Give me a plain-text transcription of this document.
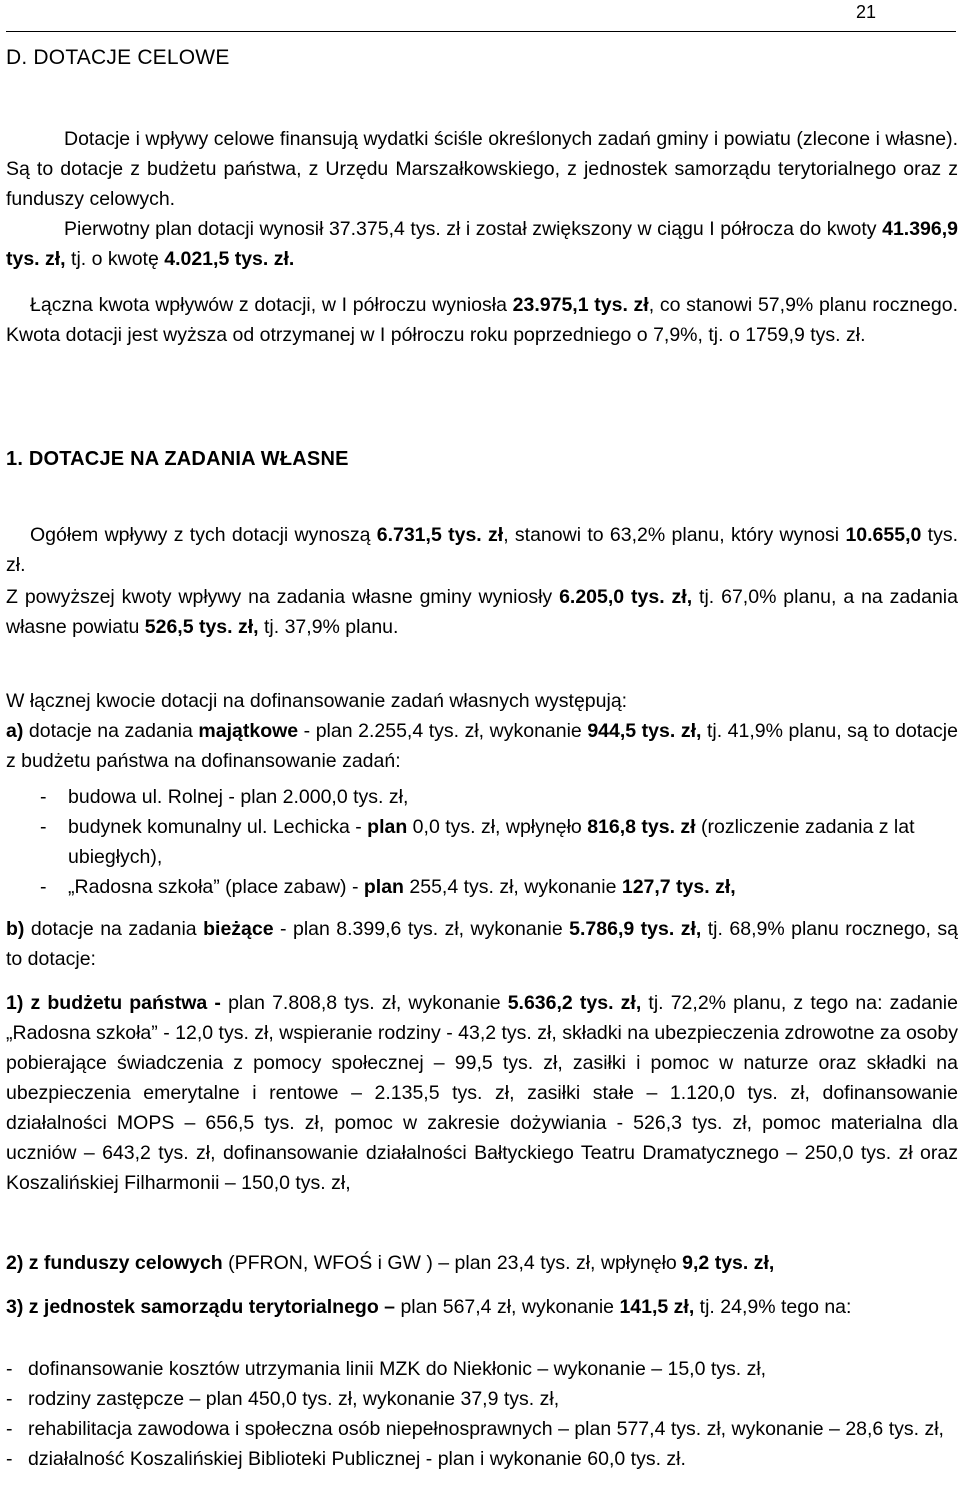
21
D. DOTACJE CELOWE

Dotacje i wpływy celowe finansują wydatki ściśle określonych zadań gminy i powiatu (zlecone i własne). Są to dotacje z budżetu państwa, z Urzędu Marszałkowskiego, z jednostek samorządu terytorialnego oraz z funduszy celowych.

Pierwotny plan dotacji wynosił 37.375,4 tys. zł i został zwiększony w ciągu I półrocza do kwoty 41.396,9 tys. zł, tj. o kwotę 4.021,5 tys. zł.

Łączna kwota wpływów z dotacji, w I półroczu wyniosła 23.975,1 tys. zł, co stanowi 57,9% planu rocznego. Kwota dotacji jest wyższa od otrzymanej w I półroczu roku poprzedniego o 7,9%, tj. o 1759,9 tys. zł.

1. DOTACJE NA ZADANIA WŁASNE

Ogółem wpływy z tych dotacji wynoszą 6.731,5 tys. zł, stanowi to 63,2% planu, który wynosi 10.655,0 tys. zł.

Z powyższej kwoty wpływy na zadania własne gminy wyniosły 6.205,0 tys. zł, tj. 67,0% planu, a na zadania własne powiatu 526,5 tys. zł, tj. 37,9% planu.

W łącznej kwocie dotacji na dofinansowanie zadań własnych występują:

a) dotacje na zadania majątkowe - plan 2.255,4 tys. zł, wykonanie 944,5 tys. zł, tj. 41,9% planu, są to dotacje z budżetu państwa na dofinansowanie zadań:

- budowa ul. Rolnej - plan 2.000,0 tys. zł,
- budynek komunalny ul. Lechicka - plan 0,0 tys. zł, wpłynęło 816,8 tys. zł (rozliczenie zadania z lat ubiegłych),
- „Radosna szkoła” (place zabaw) - plan 255,4 tys. zł, wykonanie 127,7 tys. zł,

b) dotacje na zadania bieżące - plan 8.399,6 tys. zł, wykonanie 5.786,9 tys. zł, tj. 68,9% planu rocznego, są to dotacje:

1) z budżetu państwa - plan 7.808,8 tys. zł, wykonanie 5.636,2 tys. zł, tj. 72,2% planu, z tego na: zadanie „Radosna szkoła” - 12,0 tys. zł, wspieranie rodziny - 43,2 tys. zł, składki na ubezpieczenia zdrowotne za osoby pobierające świadczenia z pomocy społecznej – 99,5 tys. zł, zasiłki i pomoc w naturze oraz składki na ubezpieczenia emerytalne i rentowe – 2.135,5 tys. zł, zasiłki stałe – 1.120,0 tys. zł, dofinansowanie działalności MOPS – 656,5 tys. zł, pomoc w zakresie dożywiania - 526,3 tys. zł, pomoc materialna dla uczniów – 643,2 tys. zł, dofinansowanie działalności Bałtyckiego Teatru Dramatycznego – 250,0 tys. zł oraz Koszalińskiej Filharmonii – 150,0 tys. zł,

2) z funduszy celowych (PFRON, WFOŚ i GW ) – plan 23,4 tys. zł, wpłynęło 9,2 tys. zł,

3) z jednostek samorządu terytorialnego – plan 567,4 zł, wykonanie 141,5 zł, tj. 24,9% tego na:

- dofinansowanie kosztów utrzymania linii MZK do Niekłonic – wykonanie – 15,0 tys. zł,
- rodziny zastępcze – plan 450,0 tys. zł, wykonanie 37,9 tys. zł,
- rehabilitacja zawodowa i społeczna osób niepełnosprawnych – plan 577,4 tys. zł, wykonanie – 28,6 tys. zł,
- działalność Koszalińskiej Biblioteki Publicznej - plan i wykonanie 60,0 tys. zł.
